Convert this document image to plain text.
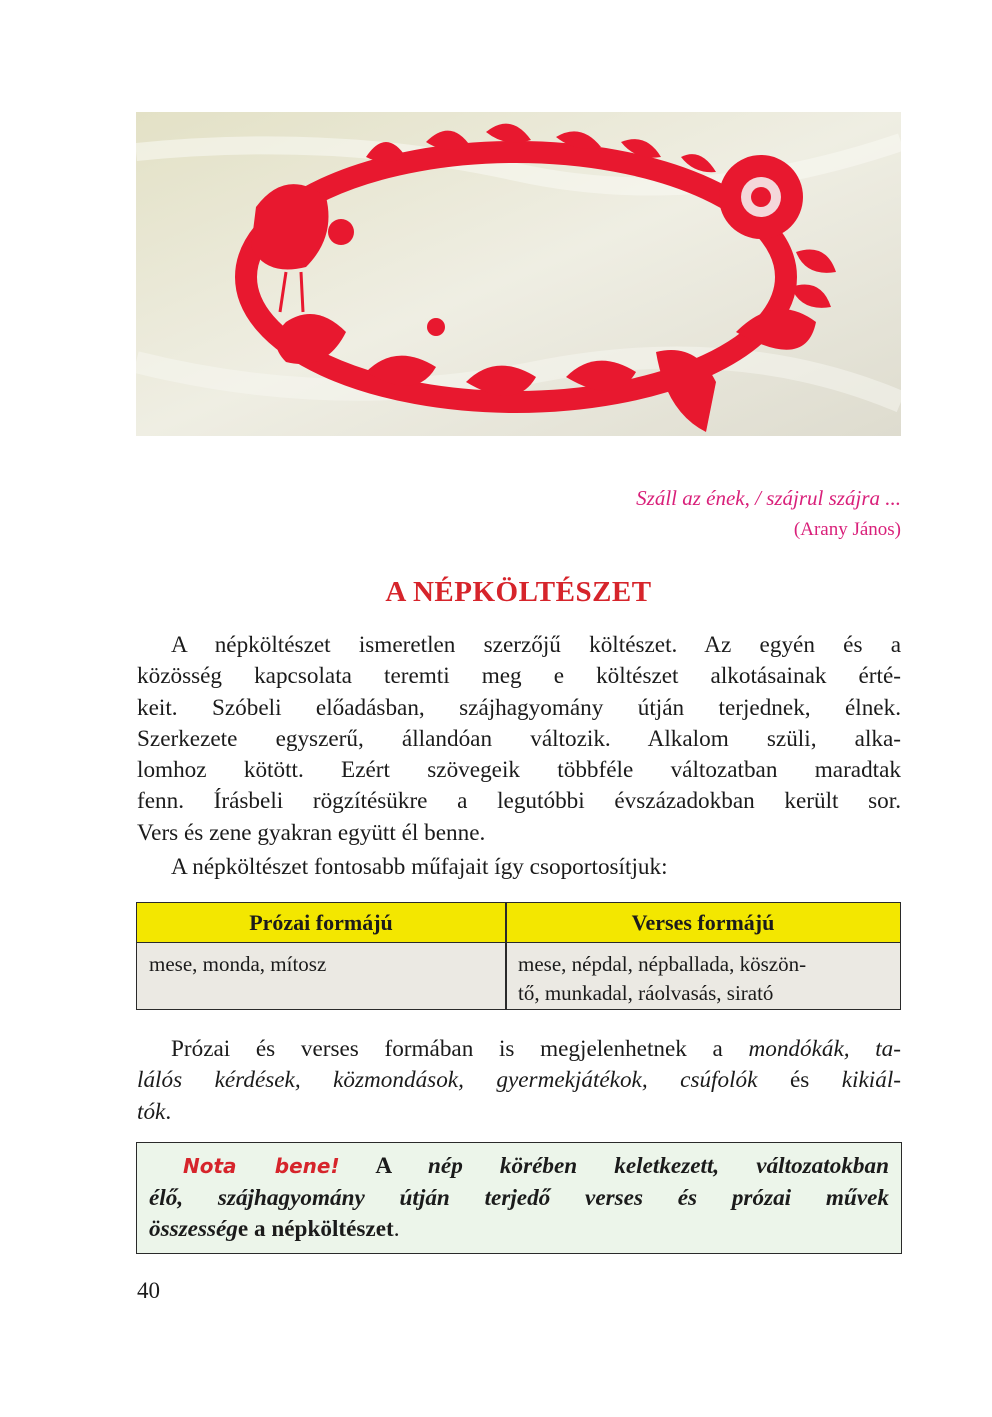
Száll az ének, / szájrul szájra ...
(Arany János)
A NÉPKÖLTÉSZET
A népköltészet ismeretlen szerzőjű költészet. Az egyén és a
közösség kapcsolata teremti meg e költészet alkotásainak érté-
keit. Szóbeli előadásban, szájhagyomány útján terjednek, élnek.
Szerkezete egyszerű, állandóan változik. Alkalom szüli, alka-
lomhoz kötött. Ezért szövegeik többféle változatban maradtak
fenn. Írásbeli rögzítésükre a legutóbbi évszázadokban került sor.
Vers és zene gyakran együtt él benne.
A népköltészet fontosabb műfajait így csoportosítjuk:
Prózai formájú	Verses formájú
mese, monda, mítosz	mese, népdal, népballada, köszön-
tő, munkadal, ráolvasás, sirató
Prózai és verses formában is megjelenhetnek a mondókák, ta-
lálós kérdések, közmondások, gyermekjátékok, csúfolók és kikiál-
tók.
Nota bene! A nép körében keletkezett, változatokban
élő, szájhagyomány útján terjedő verses és prózai művek
összessége a népköltészet.
40
